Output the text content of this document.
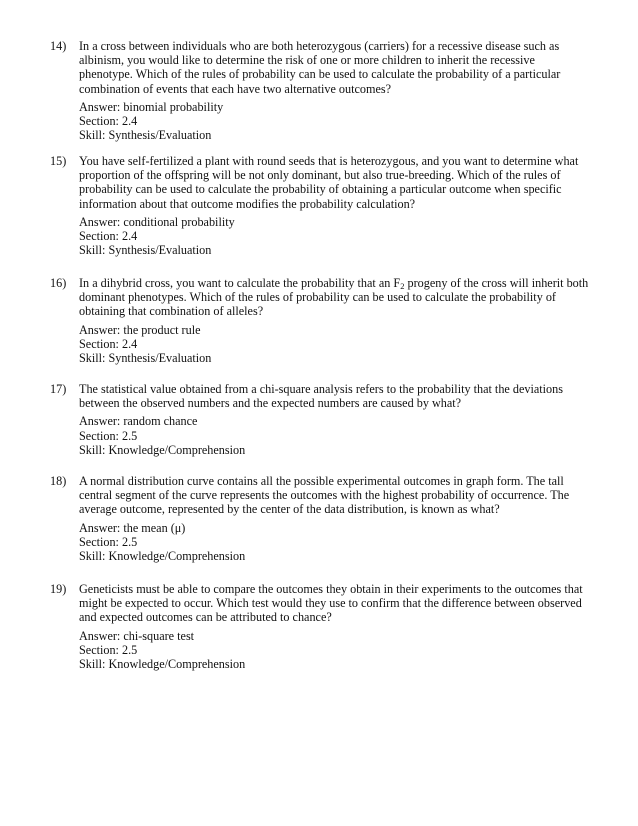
14)	In a cross between individuals who are both heterozygous (carriers) for a recessive disease such as albinism, you would like to determine the risk of one or more children to inherit the recessive phenotype. Which of the rules of probability can be used to calculate the probability of a particular combination of events that each have two alternative outcomes?

Answer: binomial probability
Section: 2.4
Skill: Synthesis/Evaluation
15)	You have self-fertilized a plant with round seeds that is heterozygous, and you want to determine what proportion of the offspring will be not only dominant, but also true-breeding. Which of the rules of probability can be used to calculate the probability of obtaining a particular outcome when specific information about that outcome modifies the probability calculation?

Answer: conditional probability
Section: 2.4
Skill: Synthesis/Evaluation
16)	In a dihybrid cross, you want to calculate the probability that an $F_2$ progeny of the cross will inherit both dominant phenotypes. Which of the rules of probability can be used to calculate the probability of obtaining that combination of alleles?

Answer: the product rule
Section: 2.4
Skill: Synthesis/Evaluation
17)	The statistical value obtained from a chi-square analysis refers to the probability that the deviations between the observed numbers and the expected numbers are caused by what?

Answer: random chance
Section: 2.5
Skill: Knowledge/Comprehension
18)	A normal distribution curve contains all the possible experimental outcomes in graph form. The tall central segment of the curve represents the outcomes with the highest probability of occurrence. The average outcome, represented by the center of the data distribution, is known as what?

Answer: the mean (μ)
Section: 2.5
Skill: Knowledge/Comprehension
19)	Geneticists must be able to compare the outcomes they obtain in their experiments to the outcomes that might be expected to occur. Which test would they use to confirm that the difference between observed and expected outcomes can be attributed to chance?

Answer: chi-square test
Section: 2.5
Skill: Knowledge/Comprehension
